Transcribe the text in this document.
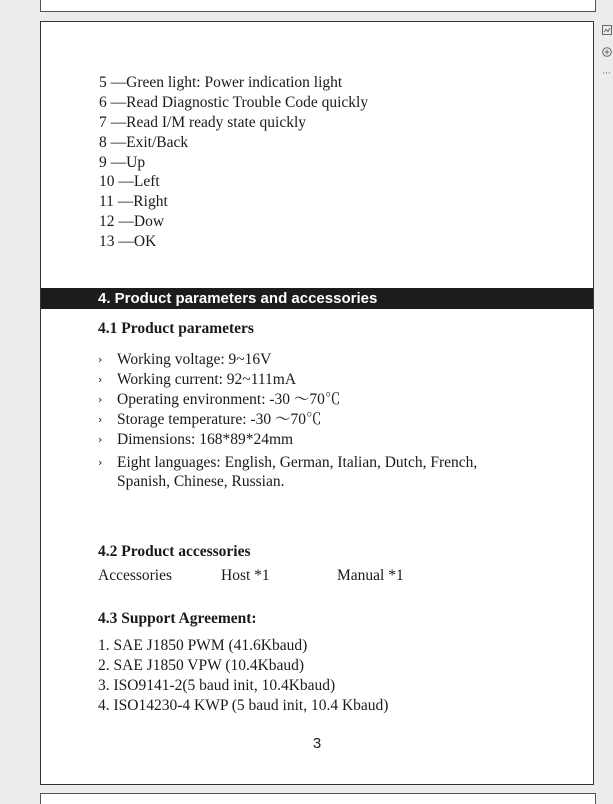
5 —Green light: Power indication light
6 —Read Diagnostic Trouble Code quickly
7 —Read I/M ready state quickly
8 —Exit/Back
9 —Up
10 —Left
11 —Right
12 —Dow
13 —OK
4. Product parameters and accessories
4.1 Product parameters
› Working voltage: 9~16V
› Working current: 92~111mA
› Operating environment: -30 ～70℃
› Storage temperature: -30 ～70℃
› Dimensions: 168*89*24mm
› Eight languages: English, German, Italian, Dutch, French, Spanish, Chinese, Russian.
4.2 Product accessories
Accessories	Host *1	Manual *1
4.3 Support Agreement:
1. SAE J1850 PWM (41.6Kbaud)
2. SAE J1850 VPW (10.4Kbaud)
3. ISO9141-2(5 baud init, 10.4Kbaud)
4. ISO14230-4 KWP (5 baud init, 10.4 Kbaud)
3
···
